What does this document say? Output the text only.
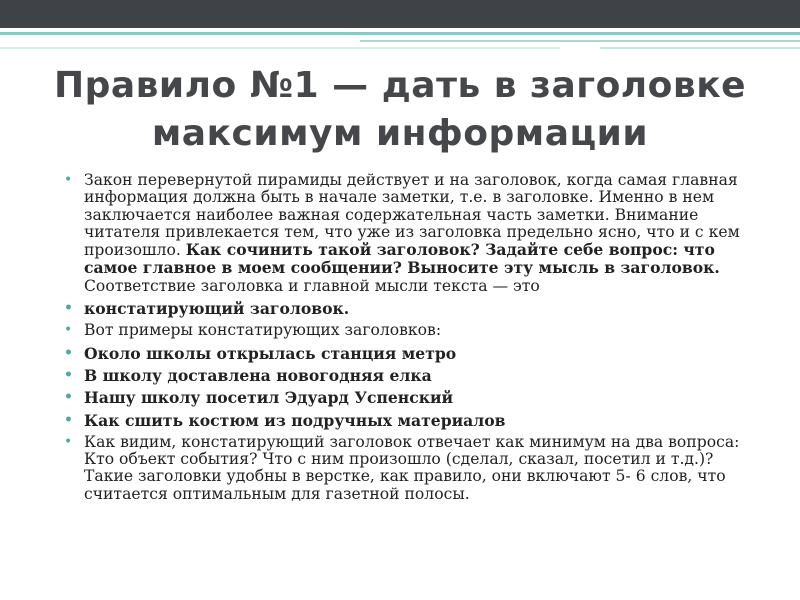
Правило №1 — дать в заголовке
максимум информации
• Закон перевернутой пирамиды действует и на заголовок, когда самая главная информация должна быть в начале заметки, т.е. в заголовке. Именно в нем заключается наиболее важная содержательная часть заметки. Внимание читателя привлекается тем, что уже из заголовка предельно ясно, что и с кем произошло. Как сочинить такой заголовок? Задайте себе вопрос: что самое главное в моем сообщении? Выносите эту мысль в заголовок. Соответствие заголовка и главной мысли текста — это
• констатирующий заголовок.
• Вот примеры констатирующих заголовков:
• Около школы открылась станция метро
• В школу доставлена новогодняя елка
• Нашу школу посетил Эдуард Успенский
• Как сшить костюм из подручных материалов
• Как видим, констатирующий заголовок отвечает как минимум на два вопроса: Кто объект события? Что с ним произошло (сделал, сказал, посетил и т.д.)? Такие заголовки удобны в верстке, как правило, они включают 5- 6 слов, что считается оптимальным для газетной полосы.
